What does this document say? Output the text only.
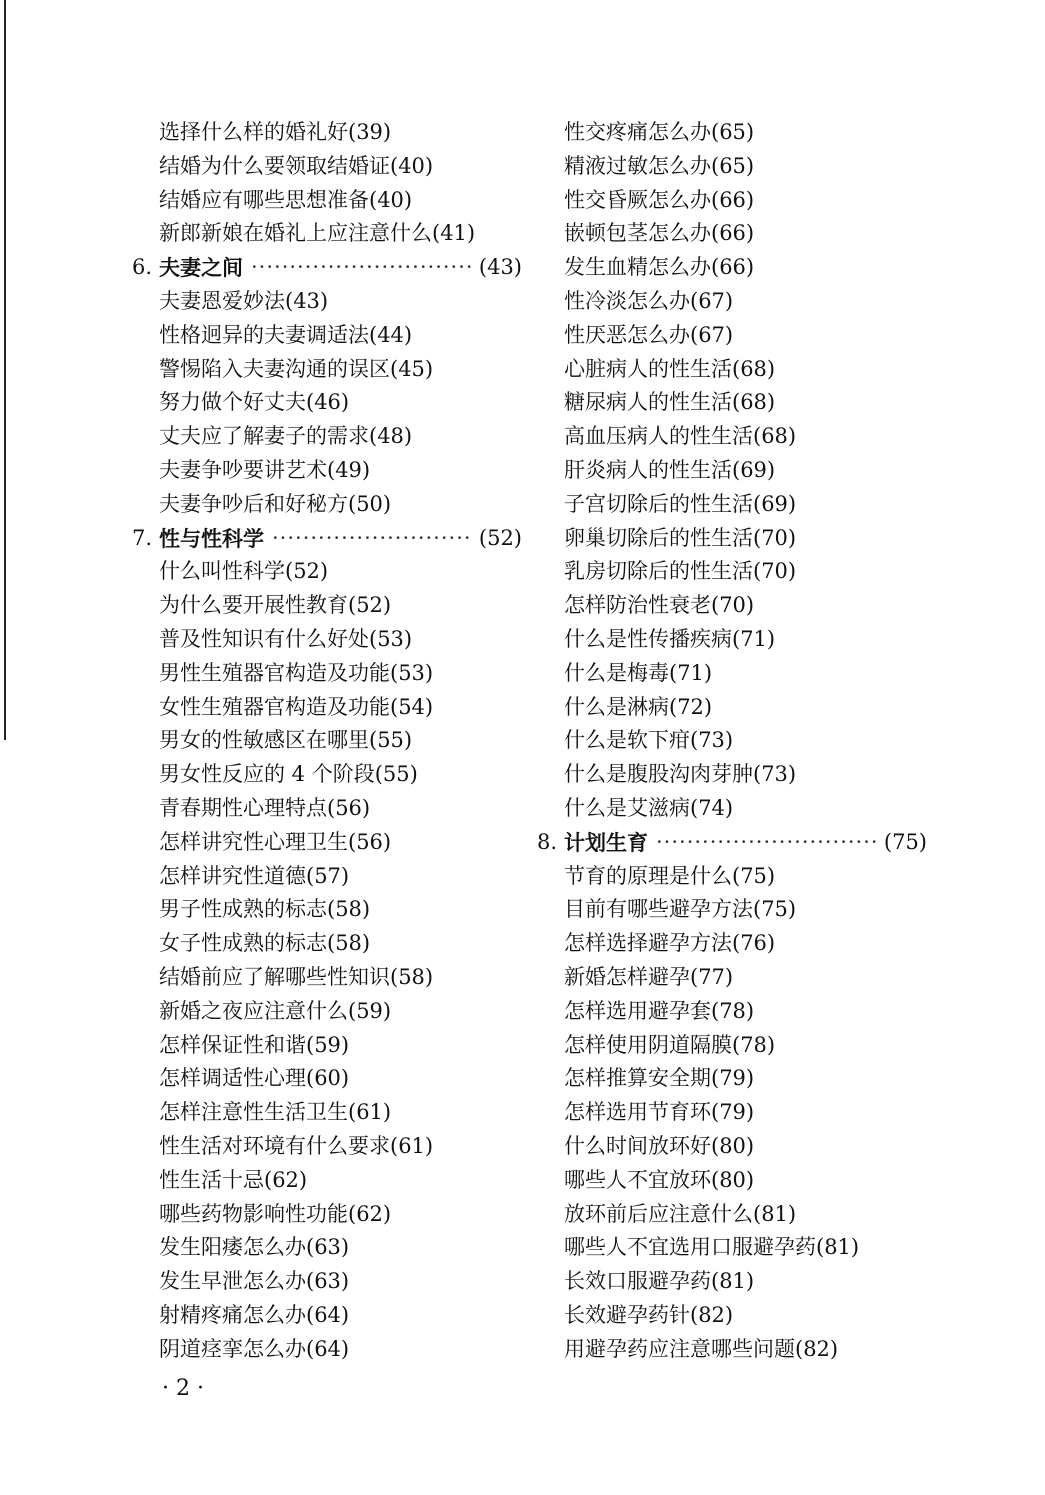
选择什么样的婚礼好(39)
结婚为什么要领取结婚证(40)
结婚应有哪些思想准备(40)
新郎新娘在婚礼上应注意什么(41)
6. 夫妻之间 ·····	(43)
夫妻恩爱妙法(43)
性格迥异的夫妻调适法(44)
警惕陷入夫妻沟通的误区(45)
努力做个好丈夫(46)
丈夫应了解妻子的需求(48)
夫妻争吵要讲艺术(49)
夫妻争吵后和好秘方(50)
7. 性与性科学 ·····	(52)
什么叫性科学(52)
为什么要开展性教育(52)
普及性知识有什么好处(53)
男性生殖器官构造及功能(53)
女性生殖器官构造及功能(54)
男女的性敏感区在哪里(55)
男女性反应的 4 个阶段(55)
青春期性心理特点(56)
怎样讲究性心理卫生(56)
怎样讲究性道德(57)
男子性成熟的标志(58)
女子性成熟的标志(58)
结婚前应了解哪些性知识(58)
新婚之夜应注意什么(59)
怎样保证性和谐(59)
怎样调适性心理(60)
怎样注意性生活卫生(61)
性生活对环境有什么要求(61)
性生活十忌(62)
哪些药物影响性功能(62)
发生阳痿怎么办(63)
发生早泄怎么办(63)
射精疼痛怎么办(64)
阴道痉挛怎么办(64)
性交疼痛怎么办(65)
精液过敏怎么办(65)
性交昏厥怎么办(66)
嵌顿包茎怎么办(66)
发生血精怎么办(66)
性冷淡怎么办(67)
性厌恶怎么办(67)
心脏病人的性生活(68)
糖尿病人的性生活(68)
高血压病人的性生活(68)
肝炎病人的性生活(69)
子宫切除后的性生活(69)
卵巢切除后的性生活(70)
乳房切除后的性生活(70)
怎样防治性衰老(70)
什么是性传播疾病(71)
什么是梅毒(71)
什么是淋病(72)
什么是软下疳(73)
什么是腹股沟肉芽肿(73)
什么是艾滋病(74)
8. 计划生育 ·····	(75)
节育的原理是什么(75)
目前有哪些避孕方法(75)
怎样选择避孕方法(76)
新婚怎样避孕(77)
怎样选用避孕套(78)
怎样使用阴道隔膜(78)
怎样推算安全期(79)
怎样选用节育环(79)
什么时间放环好(80)
哪些人不宜放环(80)
放环前后应注意什么(81)
哪些人不宜选用口服避孕药(81)
长效口服避孕药(81)
长效避孕药针(82)
用避孕药应注意哪些问题(82)
· 2 ·
